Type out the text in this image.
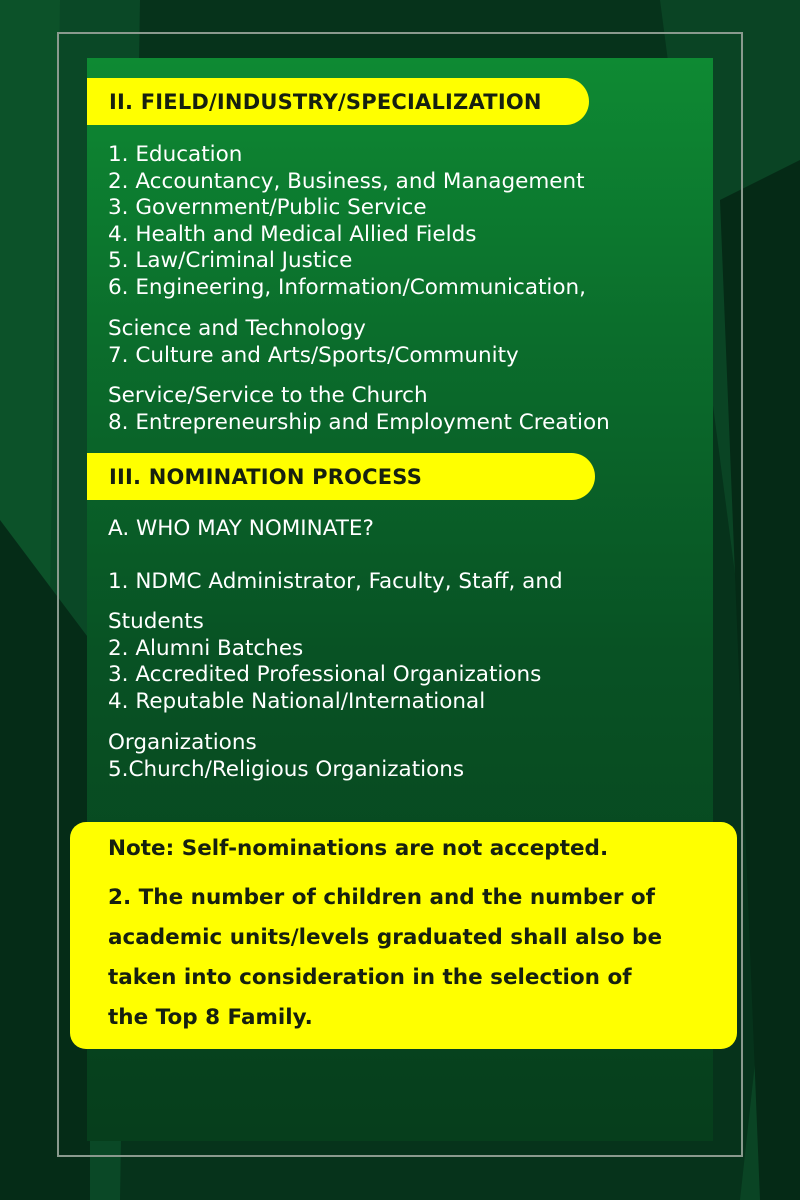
II. FIELD/INDUSTRY/SPECIALIZATION
1. Education
2. Accountancy, Business, and Management
3. Government/Public Service
4. Health and Medical Allied Fields
5. Law/Criminal Justice
6. Engineering, Information/Communication,
Science and Technology
7. Culture and Arts/Sports/Community
Service/Service to the Church
8. Entrepreneurship and Employment Creation
III. NOMINATION PROCESS
A. WHO MAY NOMINATE?
1. NDMC Administrator, Faculty, Staff, and
Students
2. Alumni Batches
3. Accredited Professional Organizations
4. Reputable National/International
Organizations
5.Church/Religious Organizations
Note: Self-nominations are not accepted.
2. The number of children and the number of
academic units/levels graduated shall also be
taken into consideration in the selection of
the Top 8 Family.
